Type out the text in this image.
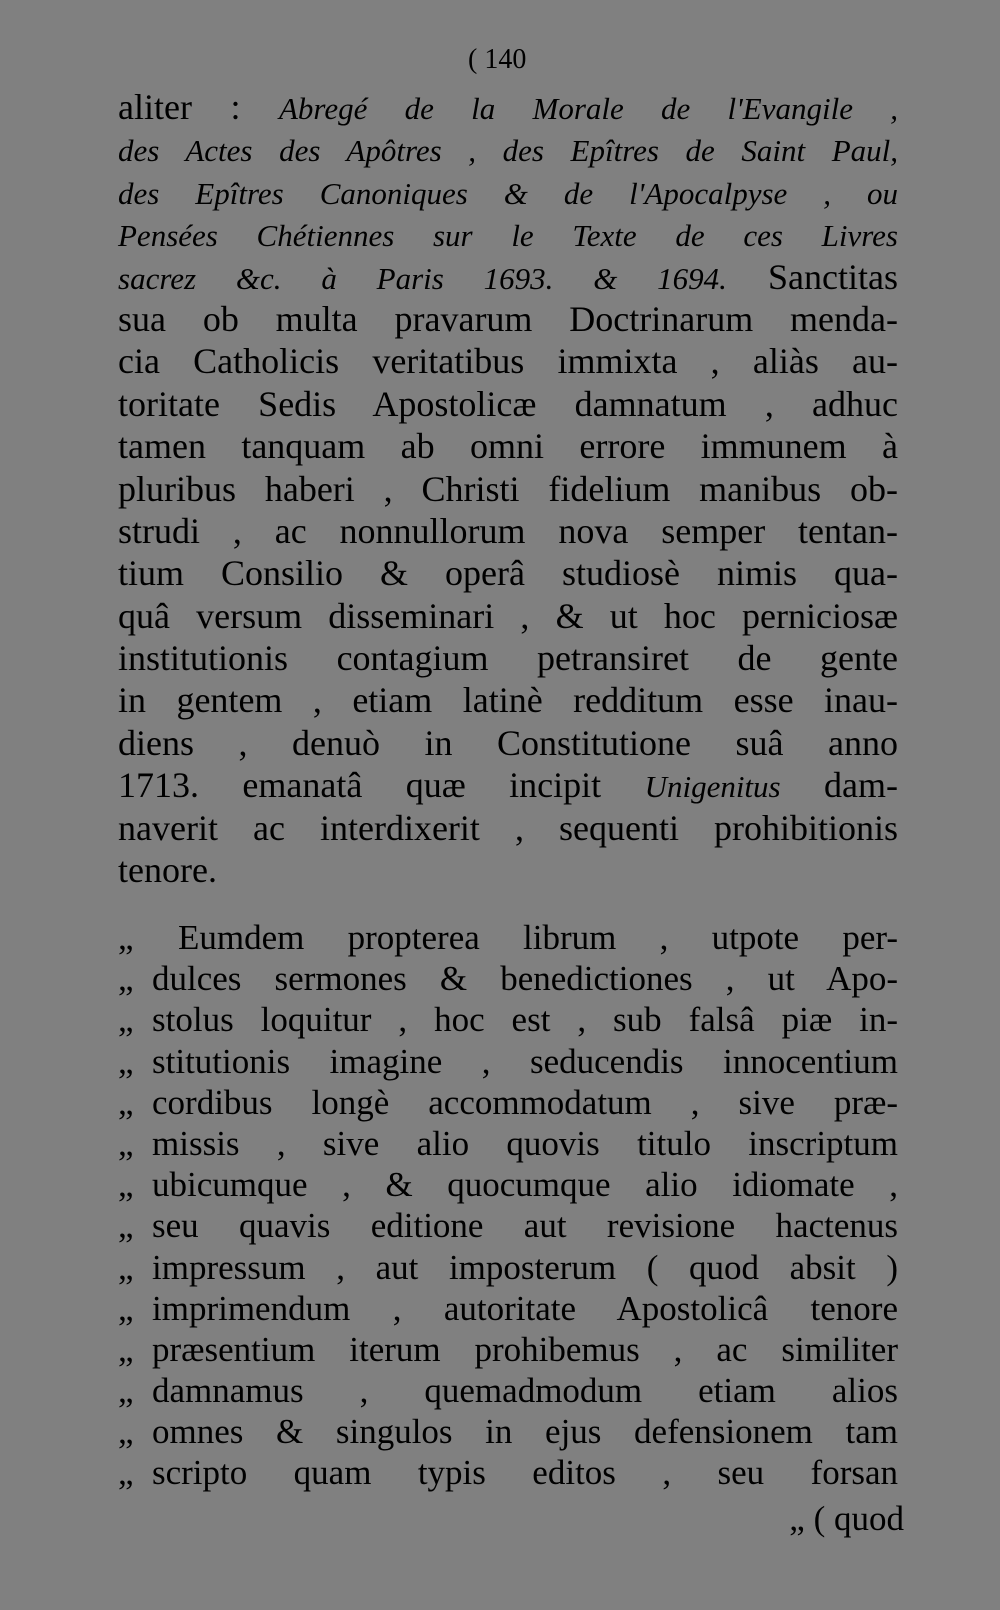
( 140
aliter : Abregé de la Morale de l'Evangile ,
des Actes des Apôtres , des Epîtres de Saint Paul,
des Epîtres Canoniques & de l'Apocalpyse , ou
Pensées Chétiennes sur le Texte de ces Livres
sacrez &c. à Paris 1693. & 1694. Sanctitas
sua ob multa pravarum Doctrinarum menda-
cia Catholicis veritatibus immixta , aliàs au-
toritate Sedis Apostolicæ damnatum , adhuc
tamen tanquam ab omni errore immunem à
pluribus haberi , Christi fidelium manibus ob-
strudi , ac nonnullorum nova semper tentan-
tium Consilio & operâ studiosè nimis qua-
quâ versum disseminari , & ut hoc perniciosæ
institutionis contagium petransiret de gente
in gentem , etiam latinè redditum esse inau-
diens , denuò in Constitutione suâ anno
1713. emanatâ quæ incipit Unigenitus dam-
naverit ac interdixerit , sequenti prohibitionis
tenore.
„	Eumdem propterea librum , utpote per-
„ dulces sermones & benedictiones , ut Apo-
„ stolus loquitur , hoc est , sub falsâ piæ in-
„ stitutionis imagine , seducendis innocentium
„ cordibus longè accommodatum , sive præ-
„ missis , sive alio quovis titulo inscriptum
„ ubicumque , & quocumque alio idiomate ,
„ seu quavis editione aut revisione hactenus
„ impressum , aut imposterum ( quod absit )
„ imprimendum , autoritate Apostolicâ tenore
„ præsentium iterum prohibemus , ac similiter
„ damnamus , quemadmodum etiam alios
„ omnes & singulos in ejus defensionem tam
„ scripto quam typis editos , seu forsan
„ ( quod
